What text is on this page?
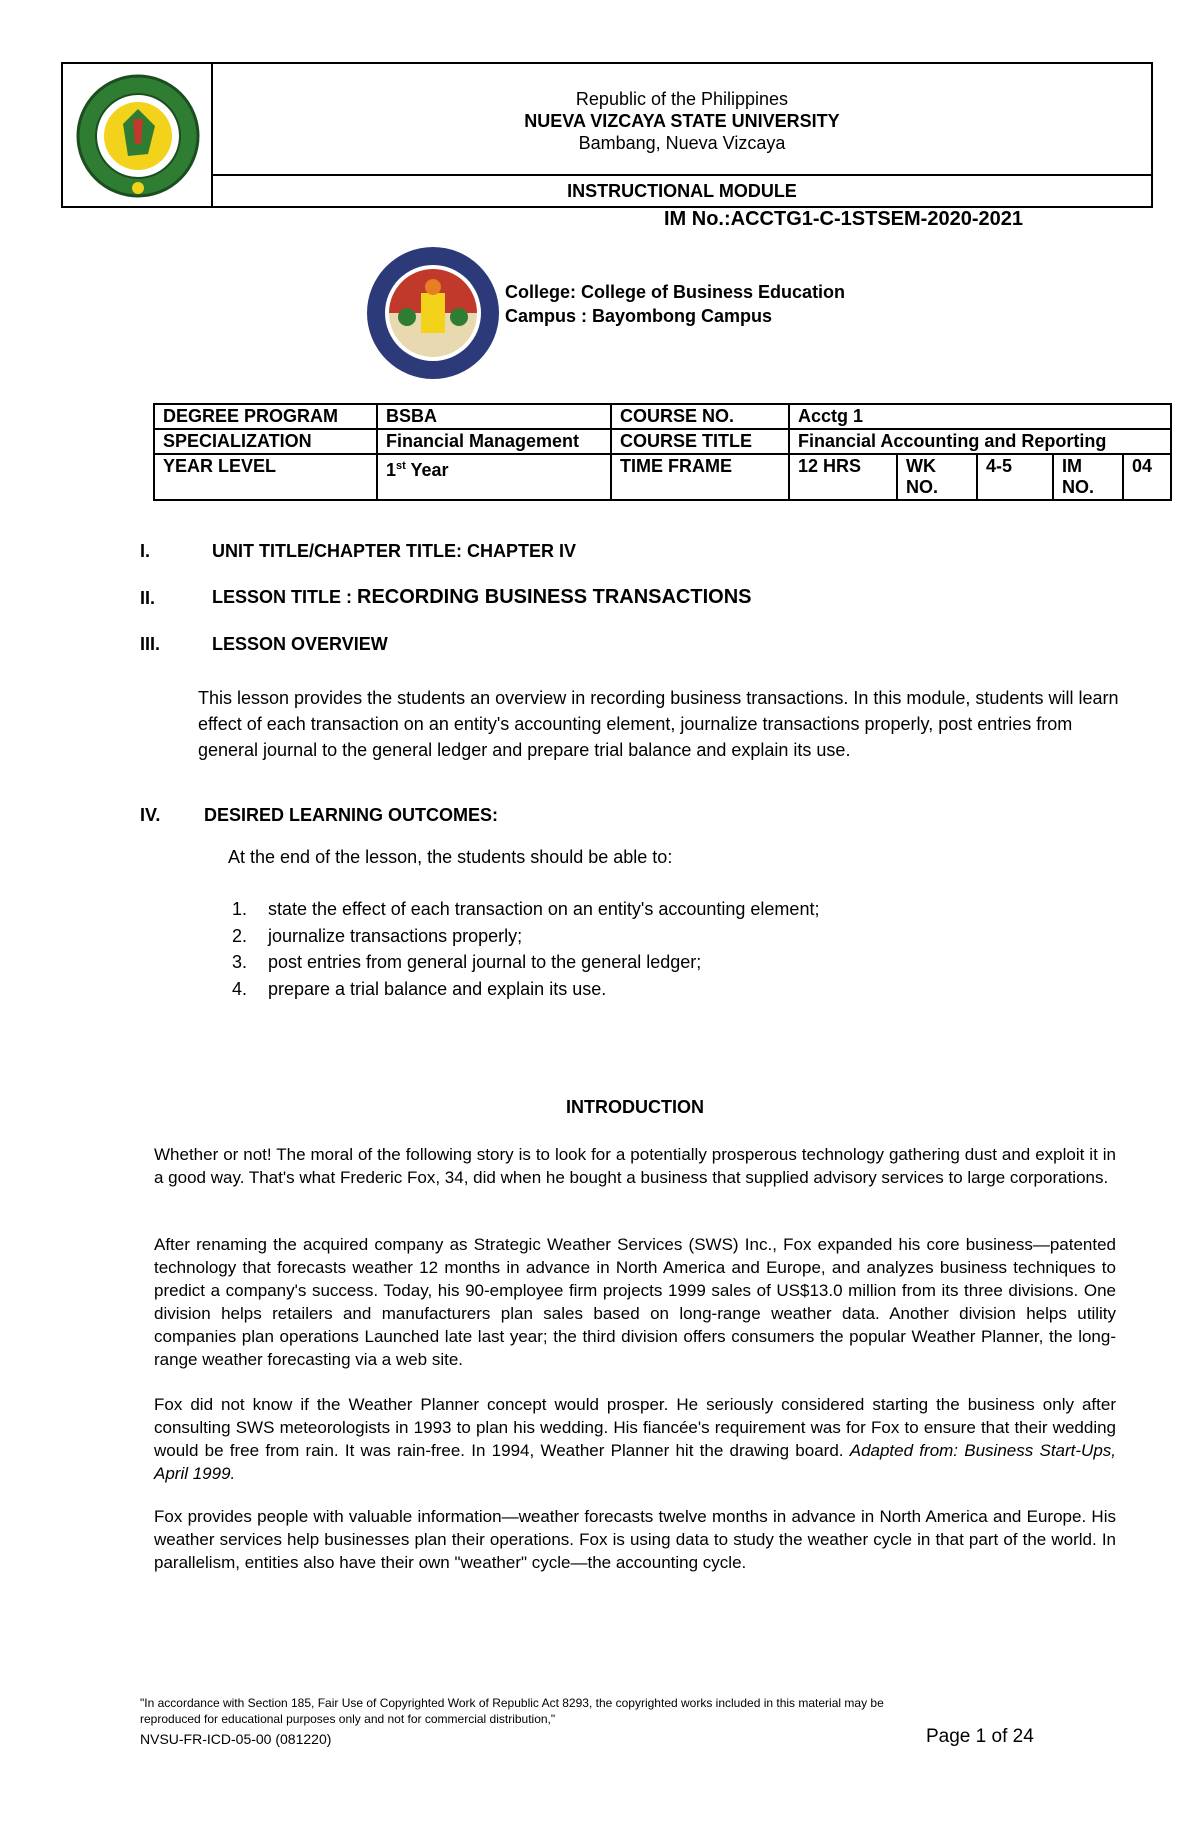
Republic of the Philippines
NUEVA VIZCAYA STATE UNIVERSITY
Bambang, Nueva Vizcaya
INSTRUCTIONAL MODULE
IM No.:ACCTG1-C-1STSEM-2020-2021
College: College of Business Education
Campus : Bayombong Campus
DEGREE PROGRAM	BSBA	COURSE NO.	Acctg 1				
SPECIALIZATION	Financial Management	COURSE TITLE	Financial Accounting and Reporting				
YEAR LEVEL	1st Year	TIME FRAME	12 HRS	WK NO.	4-5	IM NO.	04
I.	UNIT TITLE/CHAPTER TITLE: CHAPTER IV
II.	LESSON TITLE : RECORDING BUSINESS TRANSACTIONS
III.	LESSON OVERVIEW
This lesson provides the students an overview in recording business transactions. In this module, students will learn effect of each transaction on an entity's accounting element, journalize transactions properly, post entries from general journal to the general ledger and prepare trial balance and explain its use.
IV. DESIRED LEARNING OUTCOMES:
At the end of the lesson, the students should be able to:
1. state the effect of each transaction on an entity's accounting element;
2. journalize transactions properly;
3. post entries from general journal to the general ledger;
4. prepare a trial balance and explain its use.
INTRODUCTION
Whether or not! The moral of the following story is to look for a potentially prosperous technology gathering dust and exploit it in a good way. That's what Frederic Fox, 34, did when he bought a business that supplied advisory services to large corporations.
After renaming the acquired company as Strategic Weather Services (SWS) Inc., Fox expanded his core business—patented technology that forecasts weather 12 months in advance in North America and Europe, and analyzes business techniques to predict a company's success. Today, his 90-employee firm projects 1999 sales of US$13.0 million from its three divisions. One division helps retailers and manufacturers plan sales based on long-range weather data. Another division helps utility companies plan operations Launched late last year; the third division offers consumers the popular Weather Planner, the long-range weather forecasting via a web site.
Fox did not know if the Weather Planner concept would prosper. He seriously considered starting the business only after consulting SWS meteorologists in 1993 to plan his wedding. His fiancée's requirement was for Fox to ensure that their wedding would be free from rain. It was rain-free. In 1994, Weather Planner hit the drawing board. Adapted from: Business Start-Ups, April 1999.
Fox provides people with valuable information—weather forecasts twelve months in advance in North America and Europe. His weather services help businesses plan their operations. Fox is using data to study the weather cycle in that part of the world. In parallelism, entities also have their own "weather" cycle—the accounting cycle.
"In accordance with Section 185, Fair Use of Copyrighted Work of Republic Act 8293, the copyrighted works included in this material may be
reproduced for educational purposes only and not for commercial distribution,"
NVSU-FR-ICD-05-00 (081220)	Page 1 of 24
